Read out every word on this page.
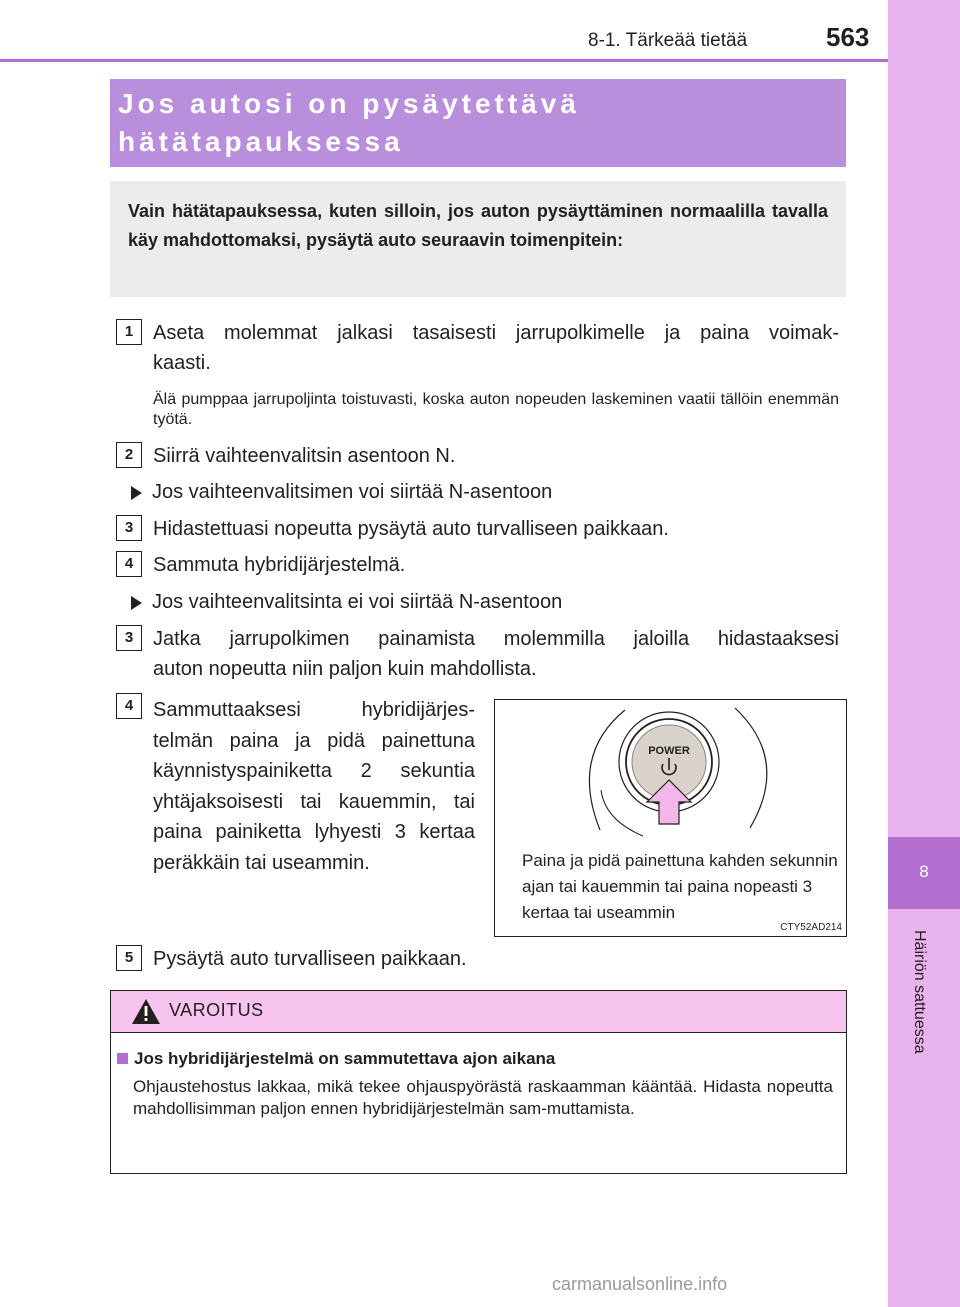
8
Häiriön sattuessa
8-1. Tärkeää tietää	563
Jos autosi on pysäytettävä
hätätapauksessa
Vain hätätapauksessa, kuten silloin, jos auton pysäyttäminen normaalilla tavalla käy mahdottomaksi, pysäytä auto seuraavin toimenpitein:
1 Aseta molemmat jalkasi tasaisesti jarrupolkimelle ja paina voimak-
kaasti.
Älä pumppaa jarrupoljinta toistuvasti, koska auton nopeuden laskeminen vaatii tällöin enemmän työtä.
2 Siirrä vaihteenvalitsin asentoon N.
Jos vaihteenvalitsimen voi siirtää N-asentoon
3 Hidastettuasi nopeutta pysäytä auto turvalliseen paikkaan.
4 Sammuta hybridijärjestelmä.
Jos vaihteenvalitsinta ei voi siirtää N-asentoon
3 Jatka jarrupolkimen painamista molemmilla jaloilla hidastaaksesi
auton nopeutta niin paljon kuin mahdollista.
4 Sammuttaaksesi hybridijärjes-telmän paina ja pidä painettuna käynnistyspainiketta 2 sekuntia yhtäjaksoisesti tai kauemmin, tai paina painiketta lyhyesti 3 kertaa peräkkäin tai useammin.
POWER
Paina ja pidä painettuna kahden sekunnin ajan tai kauemmin tai paina nopeasti 3 kertaa tai useammin
CTY52AD214
5 Pysäytä auto turvalliseen paikkaan.
VAROITUS
Jos hybridijärjestelmä on sammutettava ajon aikana
Ohjaustehostus lakkaa, mikä tekee ohjauspyörästä raskaamman kääntää. Hidasta nopeutta mahdollisimman paljon ennen hybridijärjestelmän sam-muttamista.
carmanualsonline.info
